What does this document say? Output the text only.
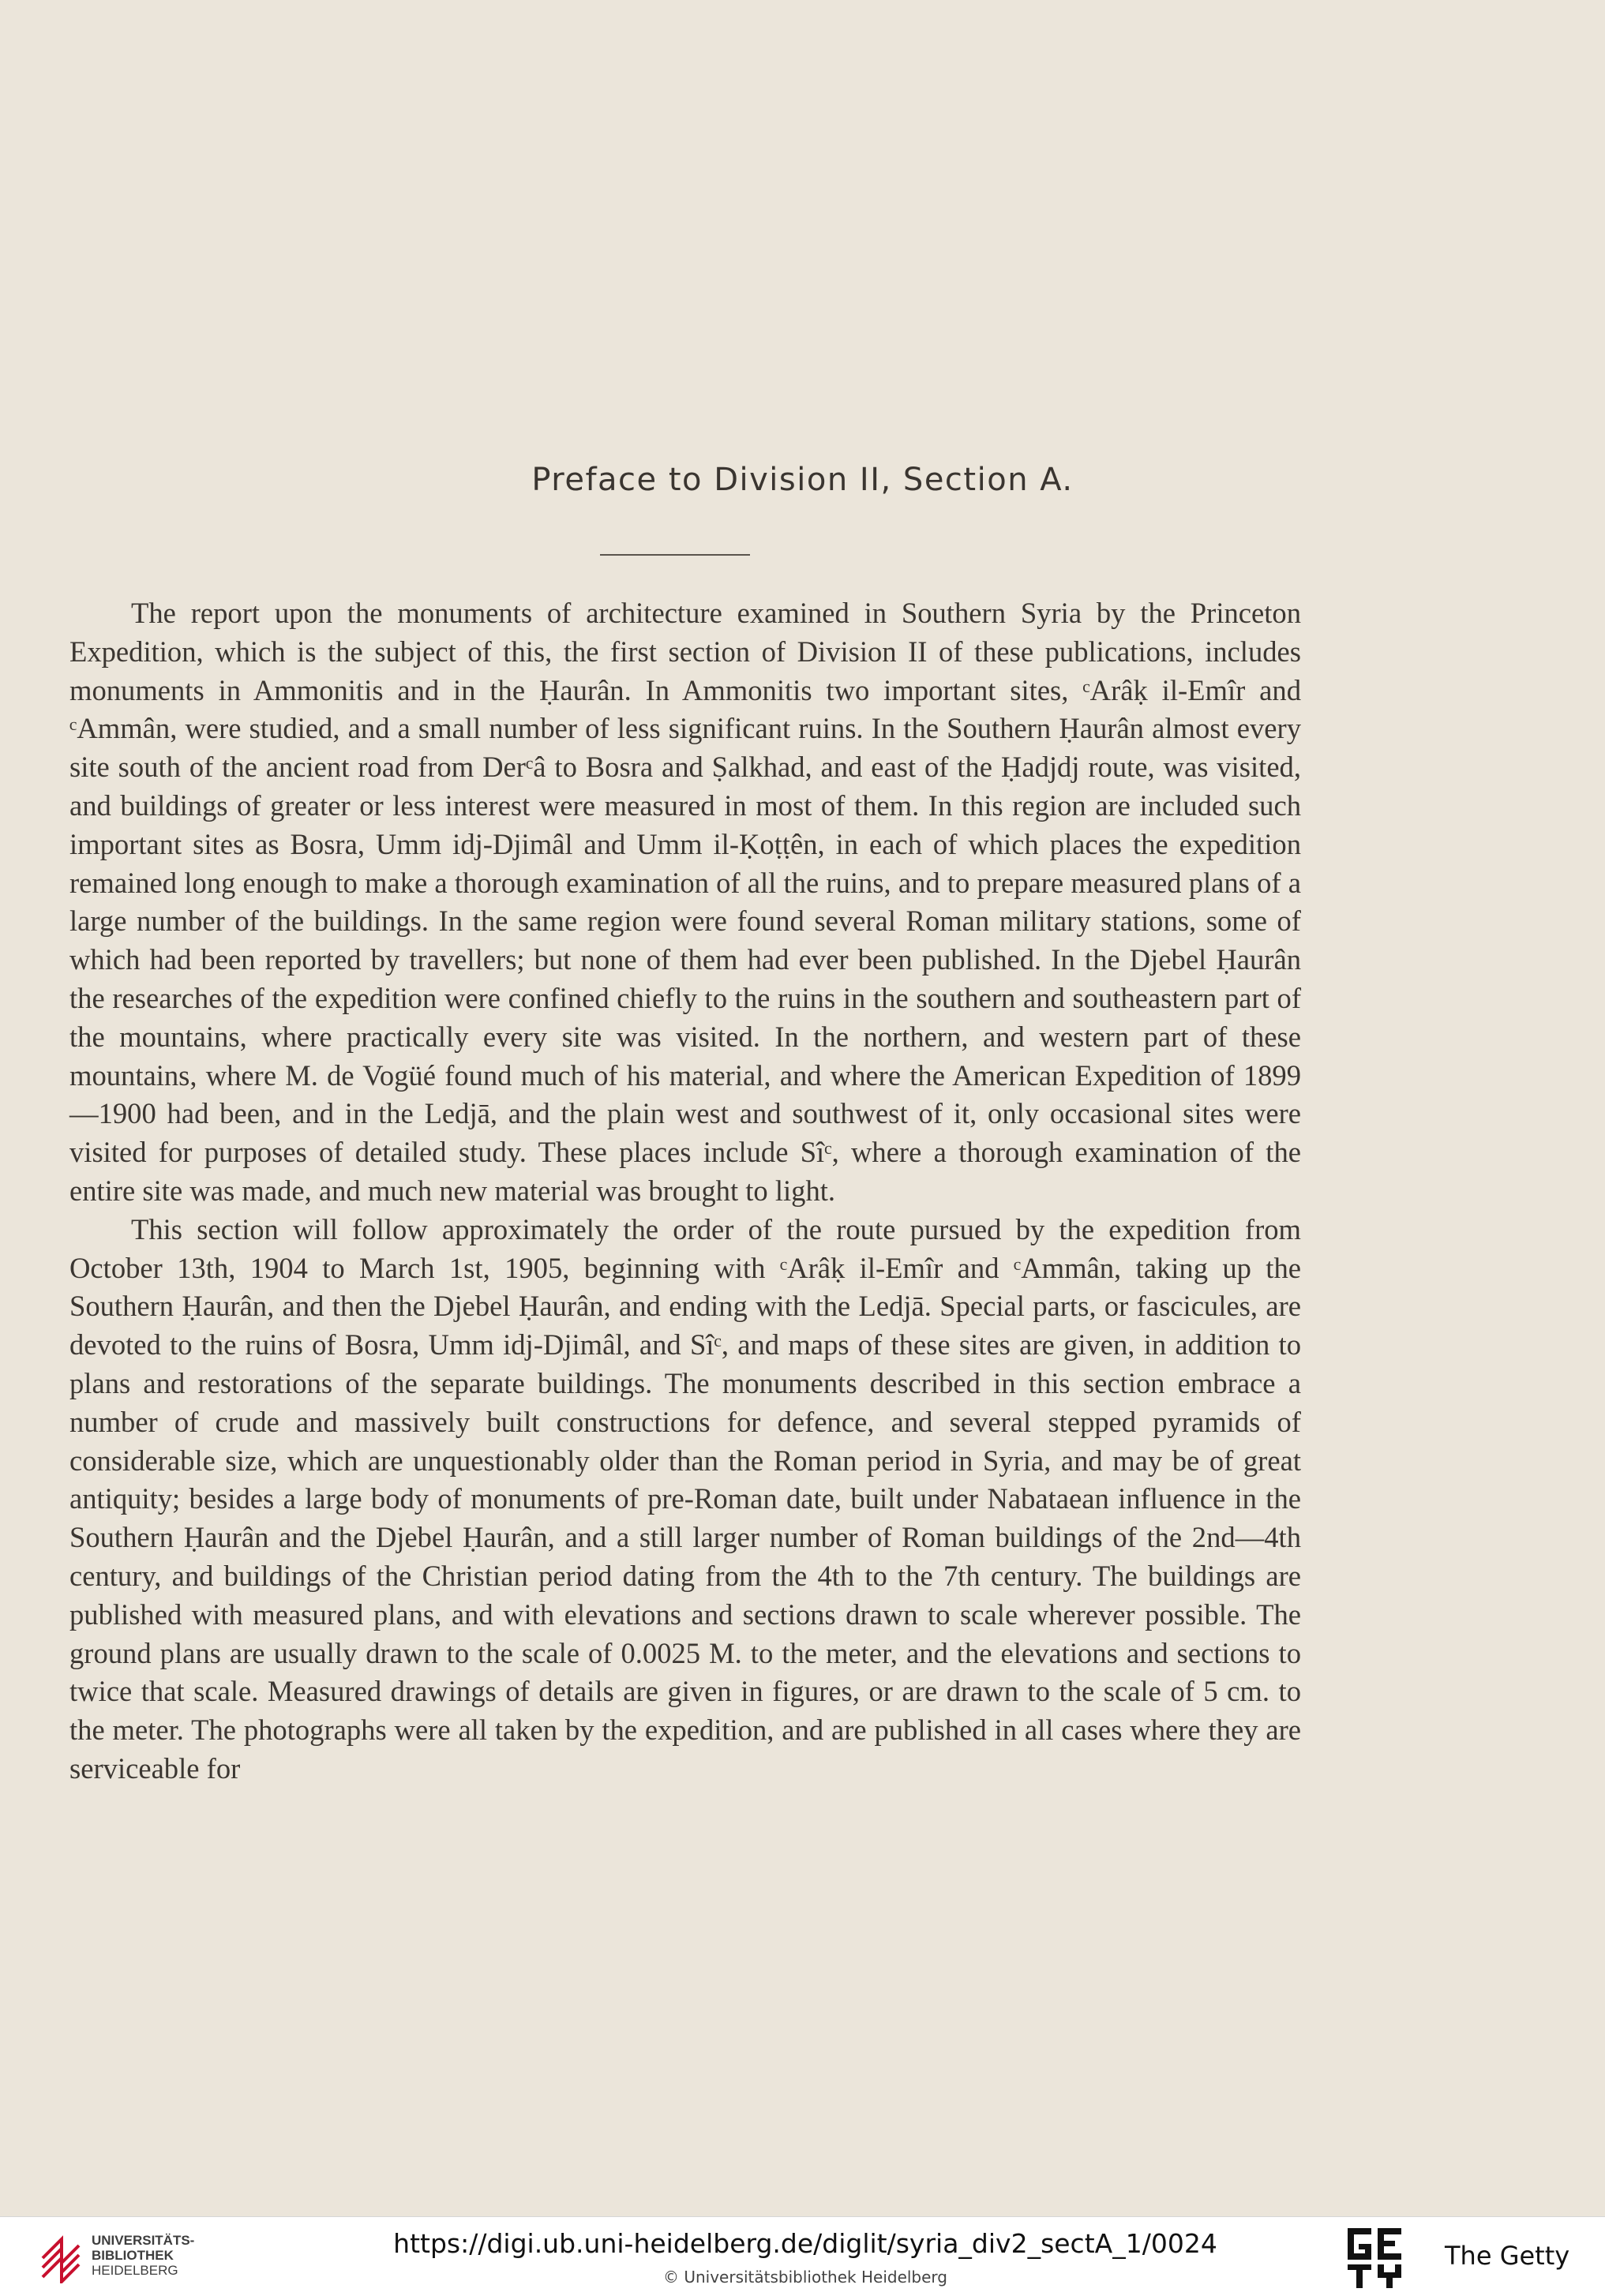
Preface to Division II, Section A.

The report upon the monuments of architecture examined in Southern Syria by the Princeton Expedition, which is the subject of this, the first section of Division II of these publications, includes monuments in Ammonitis and in the Ḥaurân. In Ammonitis two important sites, ᶜArâḳ il-Emîr and ᶜAmmân, were studied, and a small number of less significant ruins. In the Southern Ḥaurân almost every site south of the ancient road from Derᶜâ to Bosra and Ṣalkhad, and east of the Ḥadjdj route, was visited, and buildings of greater or less interest were measured in most of them. In this region are included such important sites as Bosra, Umm idj-Djimâl and Umm il-Ḳoṭṭên, in each of which places the expedition remained long enough to make a thorough examination of all the ruins, and to prepare measured plans of a large number of the buildings. In the same region were found several Roman military stations, some of which had been reported by travellers; but none of them had ever been published. In the Djebel Ḥaurân the researches of the expedition were confined chiefly to the ruins in the southern and southeastern part of the mountains, where practically every site was visited. In the northern, and western part of these mountains, where M. de Vogüé found much of his material, and where the American Expedition of 1899—1900 had been, and in the Ledjā, and the plain west and southwest of it, only occasional sites were visited for purposes of detailed study. These places include Sîᶜ, where a thorough examination of the entire site was made, and much new material was brought to light.

This section will follow approximately the order of the route pursued by the expedition from October 13th, 1904 to March 1st, 1905, beginning with ᶜArâḳ il-Emîr and ᶜAmmân, taking up the Southern Ḥaurân, and then the Djebel Ḥaurân, and ending with the Ledjā. Special parts, or fascicules, are devoted to the ruins of Bosra, Umm idj-Djimâl, and Sîᶜ, and maps of these sites are given, in addition to plans and restorations of the separate buildings. The monuments described in this section embrace a number of crude and massively built constructions for defence, and several stepped pyramids of considerable size, which are unquestionably older than the Roman period in Syria, and may be of great antiquity; besides a large body of monuments of pre-Roman date, built under Nabataean influence in the Southern Ḥaurân and the Djebel Ḥaurân, and a still larger number of Roman buildings of the 2nd—4th century, and buildings of the Christian period dating from the 4th to the 7th century. The buildings are published with measured plans, and with elevations and sections drawn to scale wherever possible. The ground plans are usually drawn to the scale of 0.0025 M. to the meter, and the elevations and sections to twice that scale. Measured drawings of details are given in figures, or are drawn to the scale of 5 cm. to the meter. The photographs were all taken by the expedition, and are published in all cases where they are serviceable for

UNIVERSITÄTS-
BIBLIOTHEK
HEIDELBERG
https://digi.ub.uni-heidelberg.de/diglit/syria_div2_sectA_1/0024
© Universitätsbibliothek Heidelberg
The Getty
